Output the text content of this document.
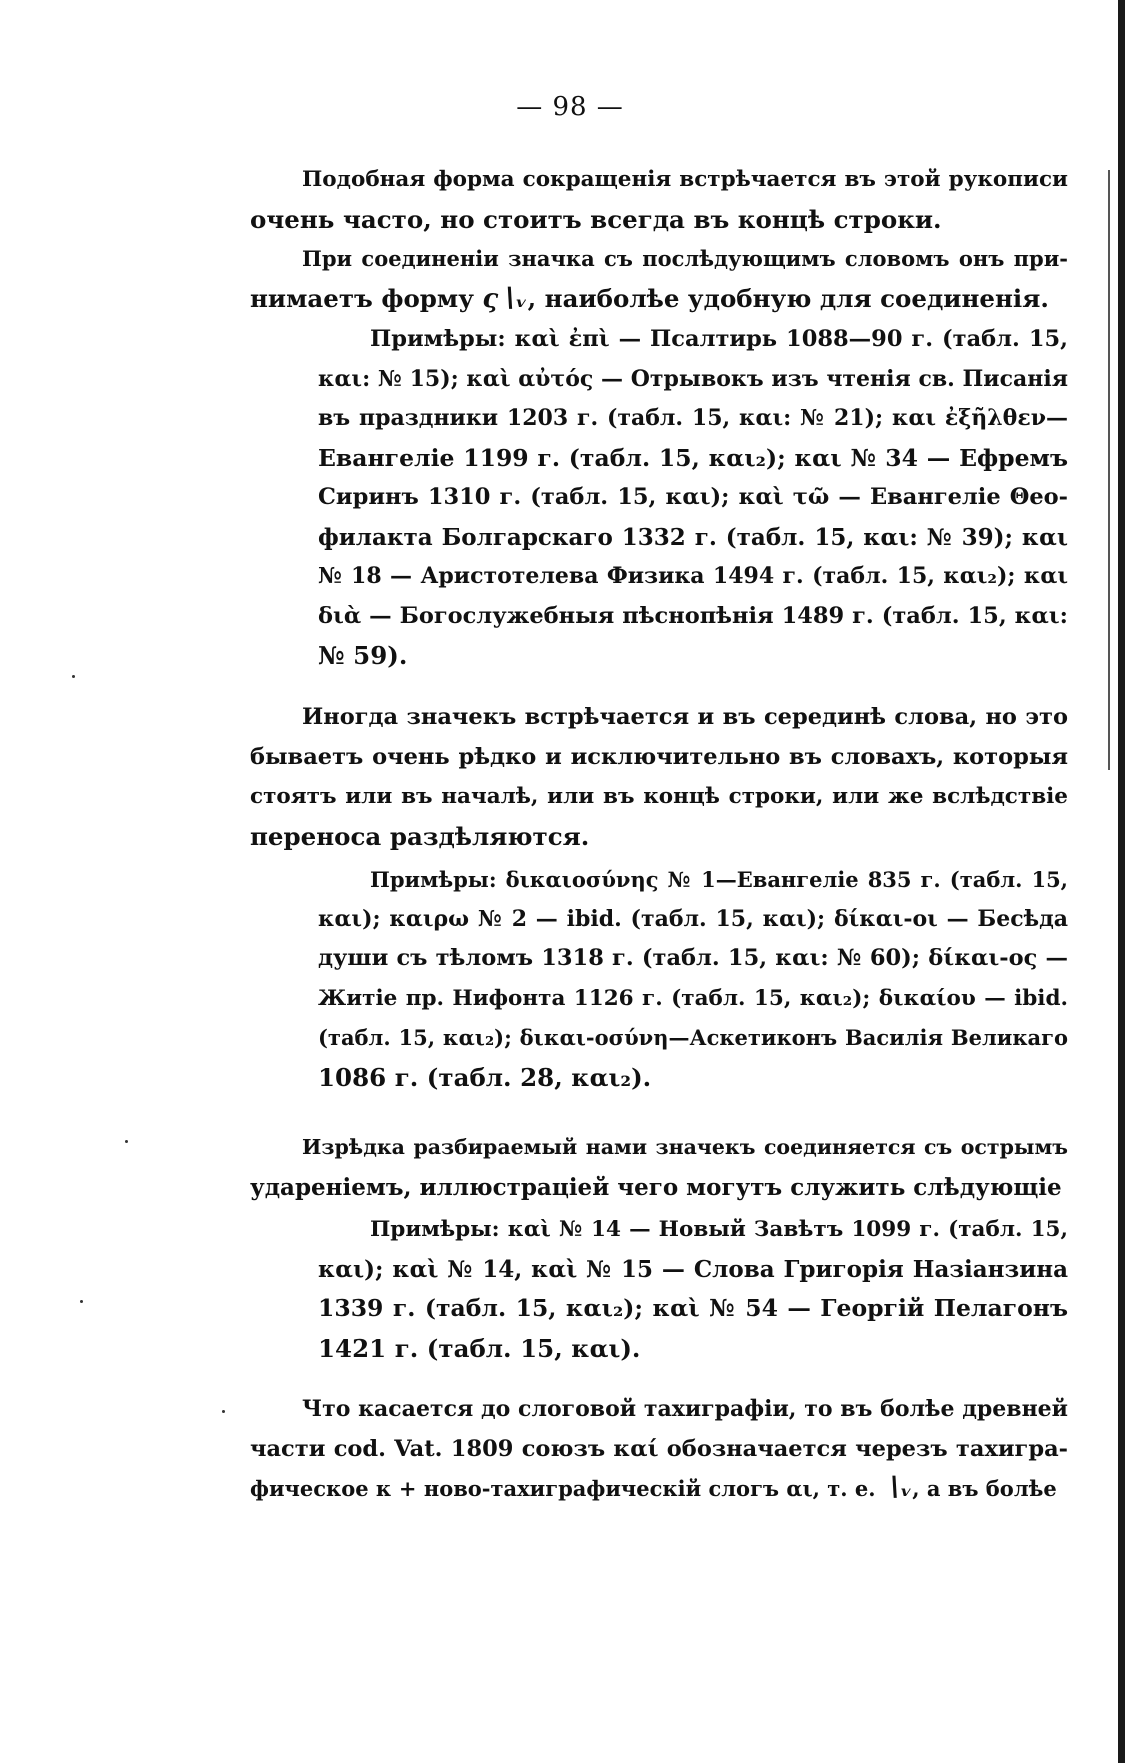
— 98 —
Подобная форма сокращенія встрѣчается въ этой рукописи
очень часто, но стоитъ всегда въ концѣ строки.
При соединеніи значка съ послѣдующимъ словомъ онъ при-
нимаетъ форму ς∖ᵥ, наиболѣе удобную для соединенія.
Примѣры: καὶ ἐπὶ — Псалтирь 1088—90 г. (табл. 15,
και: № 15); καὶ αὐτός — Отрывокъ изъ чтенія св. Писанія
въ праздники 1203 г. (табл. 15, και: № 21); και ἐξῆλθεν—
Евангеліе 1199 г. (табл. 15, και₂); και № 34 — Ефремъ
Сиринъ 1310 г. (табл. 15, και); καὶ τῶ — Евангеліе Θео-
филакта Болгарскаго 1332 г. (табл. 15, και: № 39); και
№ 18 — Аристотелева Физика 1494 г. (табл. 15, και₂); και
διὰ — Богослужебныя пѣснопѣнія 1489 г. (табл. 15, και:
№ 59).
Иногда значекъ встрѣчается и въ серединѣ слова, но это
бываетъ очень рѣдко и исключительно въ словахъ, которыя
стоятъ или въ началѣ, или въ концѣ строки, или же вслѣдствіе
переноса раздѣляются.
Примѣры: δικαιοσύνης № 1—Евангеліе 835 г. (табл. 15,
και); καιρω № 2 — ibid. (табл. 15, και); δίκαι-οι — Бесѣда
души съ тѣломъ 1318 г. (табл. 15, και: № 60); δίκαι-ος —
Житіе пр. Нифонта 1126 г. (табл. 15, και₂); δικαίου — ibid.
(табл. 15, και₂); δικαι-οσύνη—Аскетиконъ Василія Великаго
1086 г. (табл. 28, και₂).
Изрѣдка разбираемый нами значекъ соединяется съ острымъ
удареніемъ, иллюстраціей чего могутъ служить слѣдующіе
Примѣры: καὶ № 14 — Новый Завѣтъ 1099 г. (табл. 15,
και); καὶ № 14, καὶ № 15 — Слова Григорія Назіанзина
1339 г. (табл. 15, και₂); καὶ № 54 — Георгій Пелагонъ
1421 г. (табл. 15, και).
Что касается до слоговой тахиграфіи, то въ болѣе древней
части cod. Vat. 1809 союзъ καί обозначается черезъ тахигра-
фическое κ + ново-тахиграфическій слогъ αι, т. е. ∖ᵥ, а въ болѣе
